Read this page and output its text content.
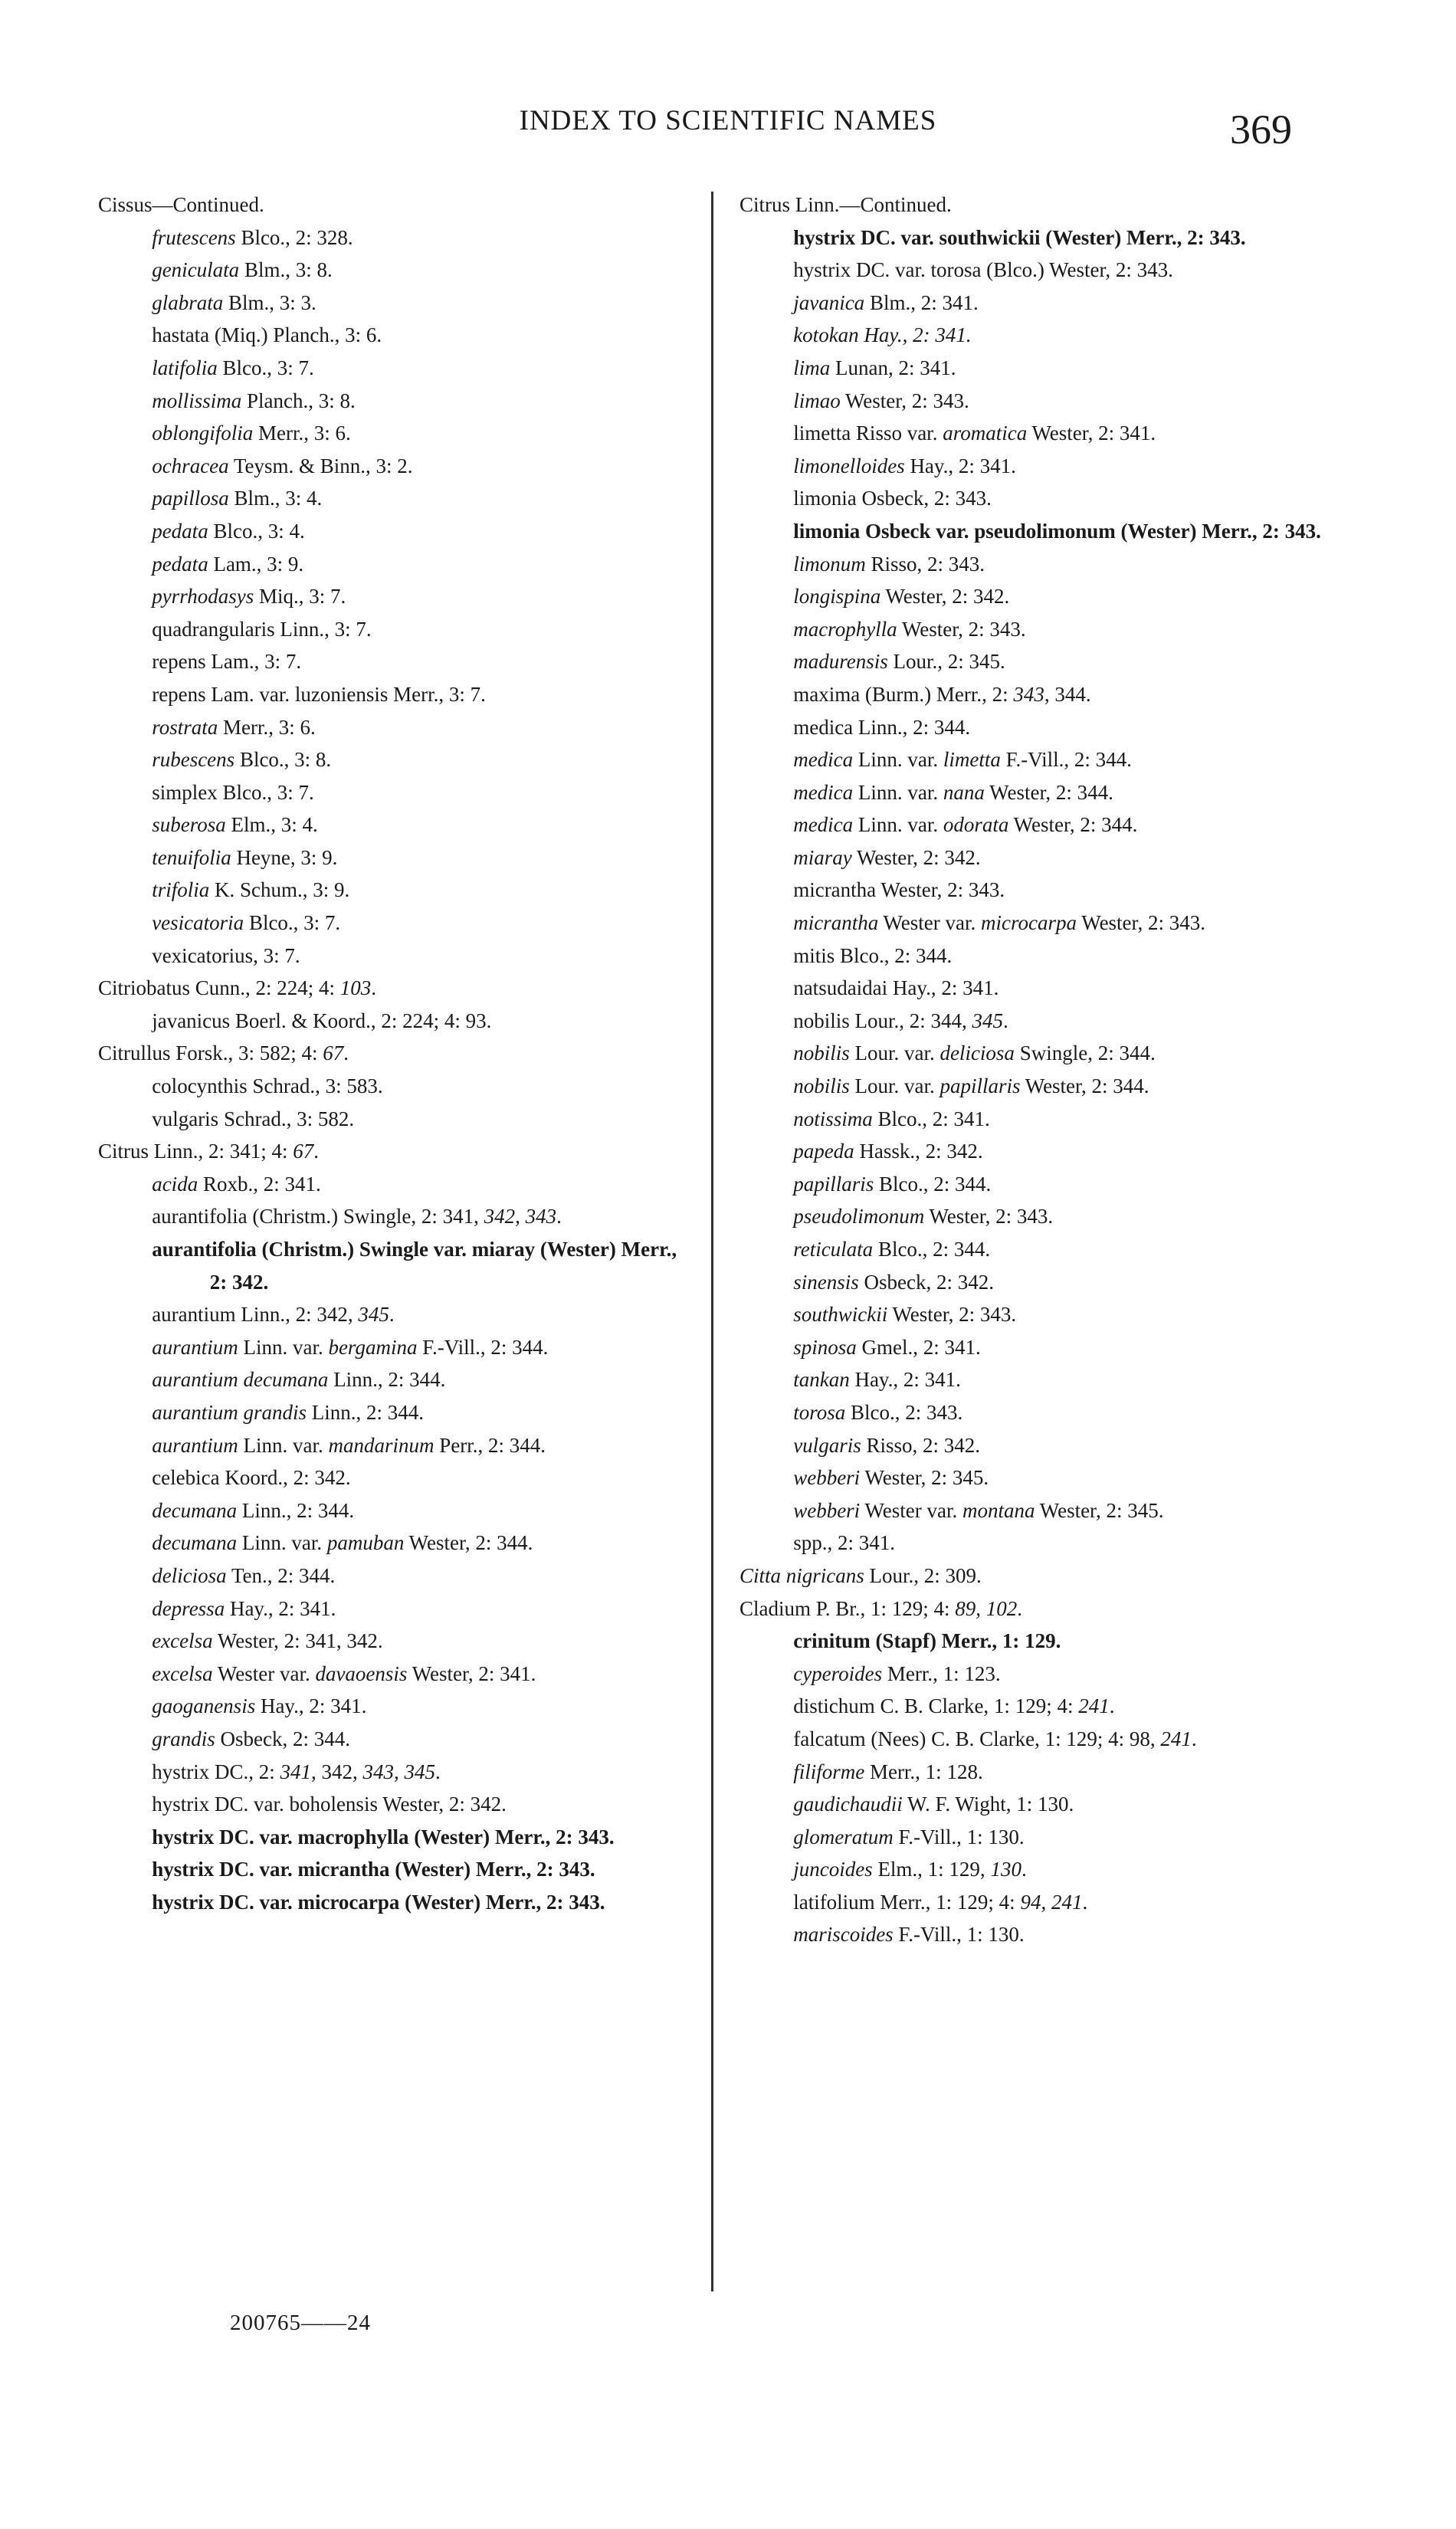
INDEX TO SCIENTIFIC NAMES	369

Cissus—Continued.

frutescens Blco., 2: 328.

geniculata Blm., 3: 8.

glabrata Blm., 3: 3.

hastata (Miq.) Planch., 3: 6.

latifolia Blco., 3: 7.

mollissima Planch., 3: 8.

oblongifolia Merr., 3: 6.

ochracea Teysm. & Binn., 3: 2.

papillosa Blm., 3: 4.

pedata Blco., 3: 4.

pedata Lam., 3: 9.

pyrrhodasys Miq., 3: 7.

quadrangularis Linn., 3: 7.

repens Lam., 3: 7.

repens Lam. var. luzoniensis Merr., 3: 7.

rostrata Merr., 3: 6.

rubescens Blco., 3: 8.

simplex Blco., 3: 7.

suberosa Elm., 3: 4.

tenuifolia Heyne, 3: 9.

trifolia K. Schum., 3: 9.

vesicatoria Blco., 3: 7.

vexicatorius, 3: 7.

Citriobatus Cunn., 2: 224; 4: 103.

javanicus Boerl. & Koord., 2: 224; 4: 93.

Citrullus Forsk., 3: 582; 4: 67.

colocynthis Schrad., 3: 583.

vulgaris Schrad., 3: 582.

Citrus Linn., 2: 341; 4: 67.

acida Roxb., 2: 341.

aurantifolia (Christm.) Swingle, 2: 341, 342, 343.

aurantifolia (Christm.) Swingle var. miaray (Wester) Merr., 2: 342.

aurantium Linn., 2: 342, 345.

aurantium Linn. var. bergamina F.-Vill., 2: 344.

aurantium decumana Linn., 2: 344.

aurantium grandis Linn., 2: 344.

aurantium Linn. var. mandarinum Perr., 2: 344.

celebica Koord., 2: 342.

decumana Linn., 2: 344.

decumana Linn. var. pamuban Wester, 2: 344.

deliciosa Ten., 2: 344.

depressa Hay., 2: 341.

excelsa Wester, 2: 341, 342.

excelsa Wester var. davaoensis Wester, 2: 341.

gaoganensis Hay., 2: 341.

grandis Osbeck, 2: 344.

hystrix DC., 2: 341, 342, 343, 345.

hystrix DC. var. boholensis Wester, 2: 342.

hystrix DC. var. macrophylla (Wester) Merr., 2: 343.

hystrix DC. var. micrantha (Wester) Merr., 2: 343.

hystrix DC. var. microcarpa (Wester) Merr., 2: 343.

Citrus Linn.—Continued.

hystrix DC. var. southwickii (Wester) Merr., 2: 343.

hystrix DC. var. torosa (Blco.) Wester, 2: 343.

javanica Blm., 2: 341.

kotokan Hay., 2: 341.

lima Lunan, 2: 341.

limao Wester, 2: 343.

limetta Risso var. aromatica Wester, 2: 341.

limonelloides Hay., 2: 341.

limonia Osbeck, 2: 343.

limonia Osbeck var. pseudolimonum (Wester) Merr., 2: 343.

limonum Risso, 2: 343.

longispina Wester, 2: 342.

macrophylla Wester, 2: 343.

madurensis Lour., 2: 345.

maxima (Burm.) Merr., 2: 343, 344.

medica Linn., 2: 344.

medica Linn. var. limetta F.-Vill., 2: 344.

medica Linn. var. nana Wester, 2: 344.

medica Linn. var. odorata Wester, 2: 344.

miaray Wester, 2: 342.

micrantha Wester, 2: 343.

micrantha Wester var. microcarpa Wester, 2: 343.

mitis Blco., 2: 344.

natsudaidai Hay., 2: 341.

nobilis Lour., 2: 344, 345.

nobilis Lour. var. deliciosa Swingle, 2: 344.

nobilis Lour. var. papillaris Wester, 2: 344.

notissima Blco., 2: 341.

papeda Hassk., 2: 342.

papillaris Blco., 2: 344.

pseudolimonum Wester, 2: 343.

reticulata Blco., 2: 344.

sinensis Osbeck, 2: 342.

southwickii Wester, 2: 343.

spinosa Gmel., 2: 341.

tankan Hay., 2: 341.

torosa Blco., 2: 343.

vulgaris Risso, 2: 342.

webberi Wester, 2: 345.

webberi Wester var. montana Wester, 2: 345.

spp., 2: 341.

Citta nigricans Lour., 2: 309.

Cladium P. Br., 1: 129; 4: 89, 102.

crinitum (Stapf) Merr., 1: 129.

cyperoides Merr., 1: 123.

distichum C. B. Clarke, 1: 129; 4: 241.

falcatum (Nees) C. B. Clarke, 1: 129; 4: 98, 241.

filiforme Merr., 1: 128.

gaudichaudii W. F. Wight, 1: 130.

glomeratum F.-Vill., 1: 130.

juncoides Elm., 1: 129, 130.

latifolium Merr., 1: 129; 4: 94, 241.

mariscoides F.-Vill., 1: 130.

200765——24
